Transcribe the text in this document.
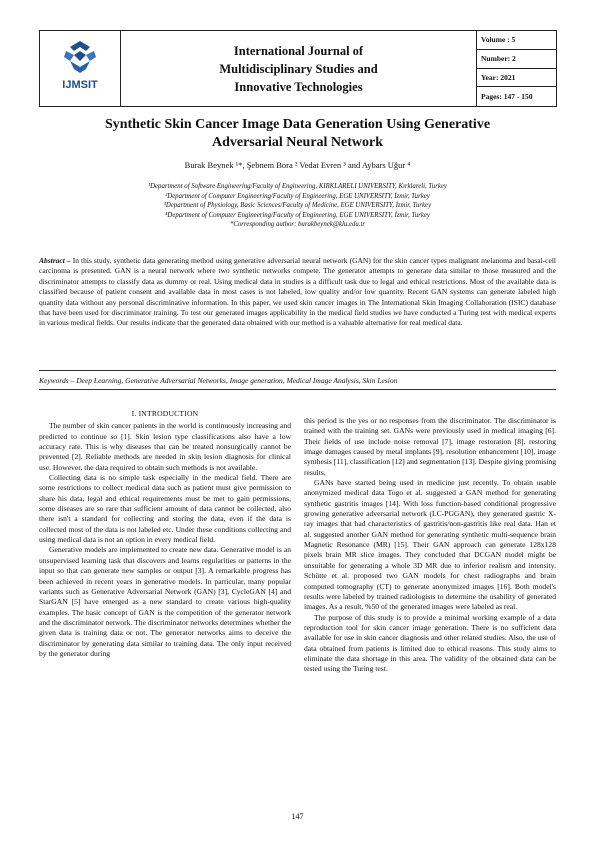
IJMSIT
International Journal of
Multidisciplinary Studies and
Innovative Technologies
Volume : 5
Number: 2
Year: 2021
Pages: 147 - 150
Synthetic Skin Cancer Image Data Generation Using Generative
Adversarial Neural Network
Burak Beynek ¹*, Şebnem Bora ² Vedat Evren ³ and Aybars Uğur ⁴
¹Department of Software Engineering/Faculty of Engineering, KIRKLARELI UNIVERSITY, Kırklareli, Turkey
²Department of Computer Engineering/Faculty of Engineering, EGE UNIVERSITY, İzmir, Turkey
³Department of Physiology, Basic Sciences/Faculty of Medicine, EGE UNIVERSITY, İzmir, Turkey
⁴Department of Computer Engineering/Faculty of Engineering, EGE UNIVERSITY, İzmir, Turkey
*Corresponding author: burakbeynek@klu.edu.tr
Abstract – In this study, synthetic data generating method using generative adversarial neural network (GAN) for the skin cancer types malignant melanoma and basal-cell carcinoma is presented. GAN is a neural network where two synthetic networks compete. The generator attempts to generate data similar to those measured and the discriminator attempts to classify data as dummy or real. Using medical data in studies is a difficult task due to legal and ethical restrictions. Most of the available data is classified because of patient consent and available data in most cases is not labeled, low quality and/or low quantity. Recent GAN systems can generate labeled high quantity data without any personal discriminative information. In this paper, we used skin cancer images in The International Skin Imaging Collaboration (ISIC) database that have been used for discriminator training. To test our generated images applicability in the medical field studies we have conducted a Turing test with medical experts in various medical fields. Our results indicate that the generated data obtained with our method is a valuable alternative for real medical data.
Keywords – Deep Learning, Generative Adversarial Networks, Image generation, Medical Image Analysis, Skin Lesion
I. INTRODUCTION

The number of skin cancer patients in the world is continuously increasing and predicted to continue so [1]. Skin lesion type classifications also have a low accuracy rate. This is why diseases that can be treated nonsurgically cannot be prevented [2]. Reliable methods are needed in skin lesion diagnosis for clinical use. However, the data required to obtain such methods is not available.

Collecting data is no simple task especially in the medical field. There are some restrictions to collect medical data such as patient must give permission to share his data, legal and ethical requirements must be met to gain permissions, some diseases are so rare that sufficient amount of data cannot be collected, also there isn't a standard for collecting and storing the data, even if the data is collected most of the data is not labeled etc. Under these conditions collecting and using medical data is not an option in every medical field.

Generative models are implemented to create new data. Generative model is an unsupervised learning task that discovers and learns regularities or patterns in the input so that can generate new samples or output [3]. A remarkable progress has been achieved in recent years in generative models. In particular, many popular variants such as Generative Adversarial Network (GAN) [3], CycleGAN [4] and StarGAN [5] have emerged as a new standard to create various high-quality examples. The basic concept of GAN is the competition of the generator network and the discriminator network. The discriminator networks determines whether the given data is training data or not. The generator networks aims to deceive the discriminator by generating data similar to training data. The only input received by the generator during

this period is the yes or no responses from the discriminator. The discriminator is trained with the training set. GANs were previously used in medical imaging [6]. Their fields of use include noise removal [7], image restoration [8], restoring image damages caused by metal implants [9], resolution enhancement [10], image synthesis [11], classification [12] and segmentation [13]. Despite giving promising results,

GANs have started being used in medicine just recently. To obtain usable anonymized medical data Togo et al. suggested a GAN method for generating synthetic gastritis images [14]. With loss function-based conditional progressive growing generative adversarial network (LC-PGGAN), they generated gastric X-ray images that had characteristics of gastritis/non-gastritis like real data. Han et al. suggested another GAN method for generating synthetic multi-sequence brain Magnetic Resonance (MR) [15]. Their GAN approach can generate 128x128 pixels brain MR slice images. They concluded that DCGAN model might be unsuitable for generating a whole 3D MR due to inferior realism and intensity. Schütte et al. proposed two GAN models for chest radiographs and brain computed tomography (CT) to generate anonymized images [16]. Both model's results were labeled by trained radiologists to determine the usability of generated images. As a result, %50 of the generated images were labeled as real.

The purpose of this study is to provide a minimal working example of a data reproduction tool for skin cancer image generation. There is no sufficient data available for use in skin cancer diagnosis and other related studies. Also, the use of data obtained from patients is limited due to ethical reasons. This study aims to eliminate the data shortage in this area. The validity of the obtained data can be tested using the Turing test.

147
